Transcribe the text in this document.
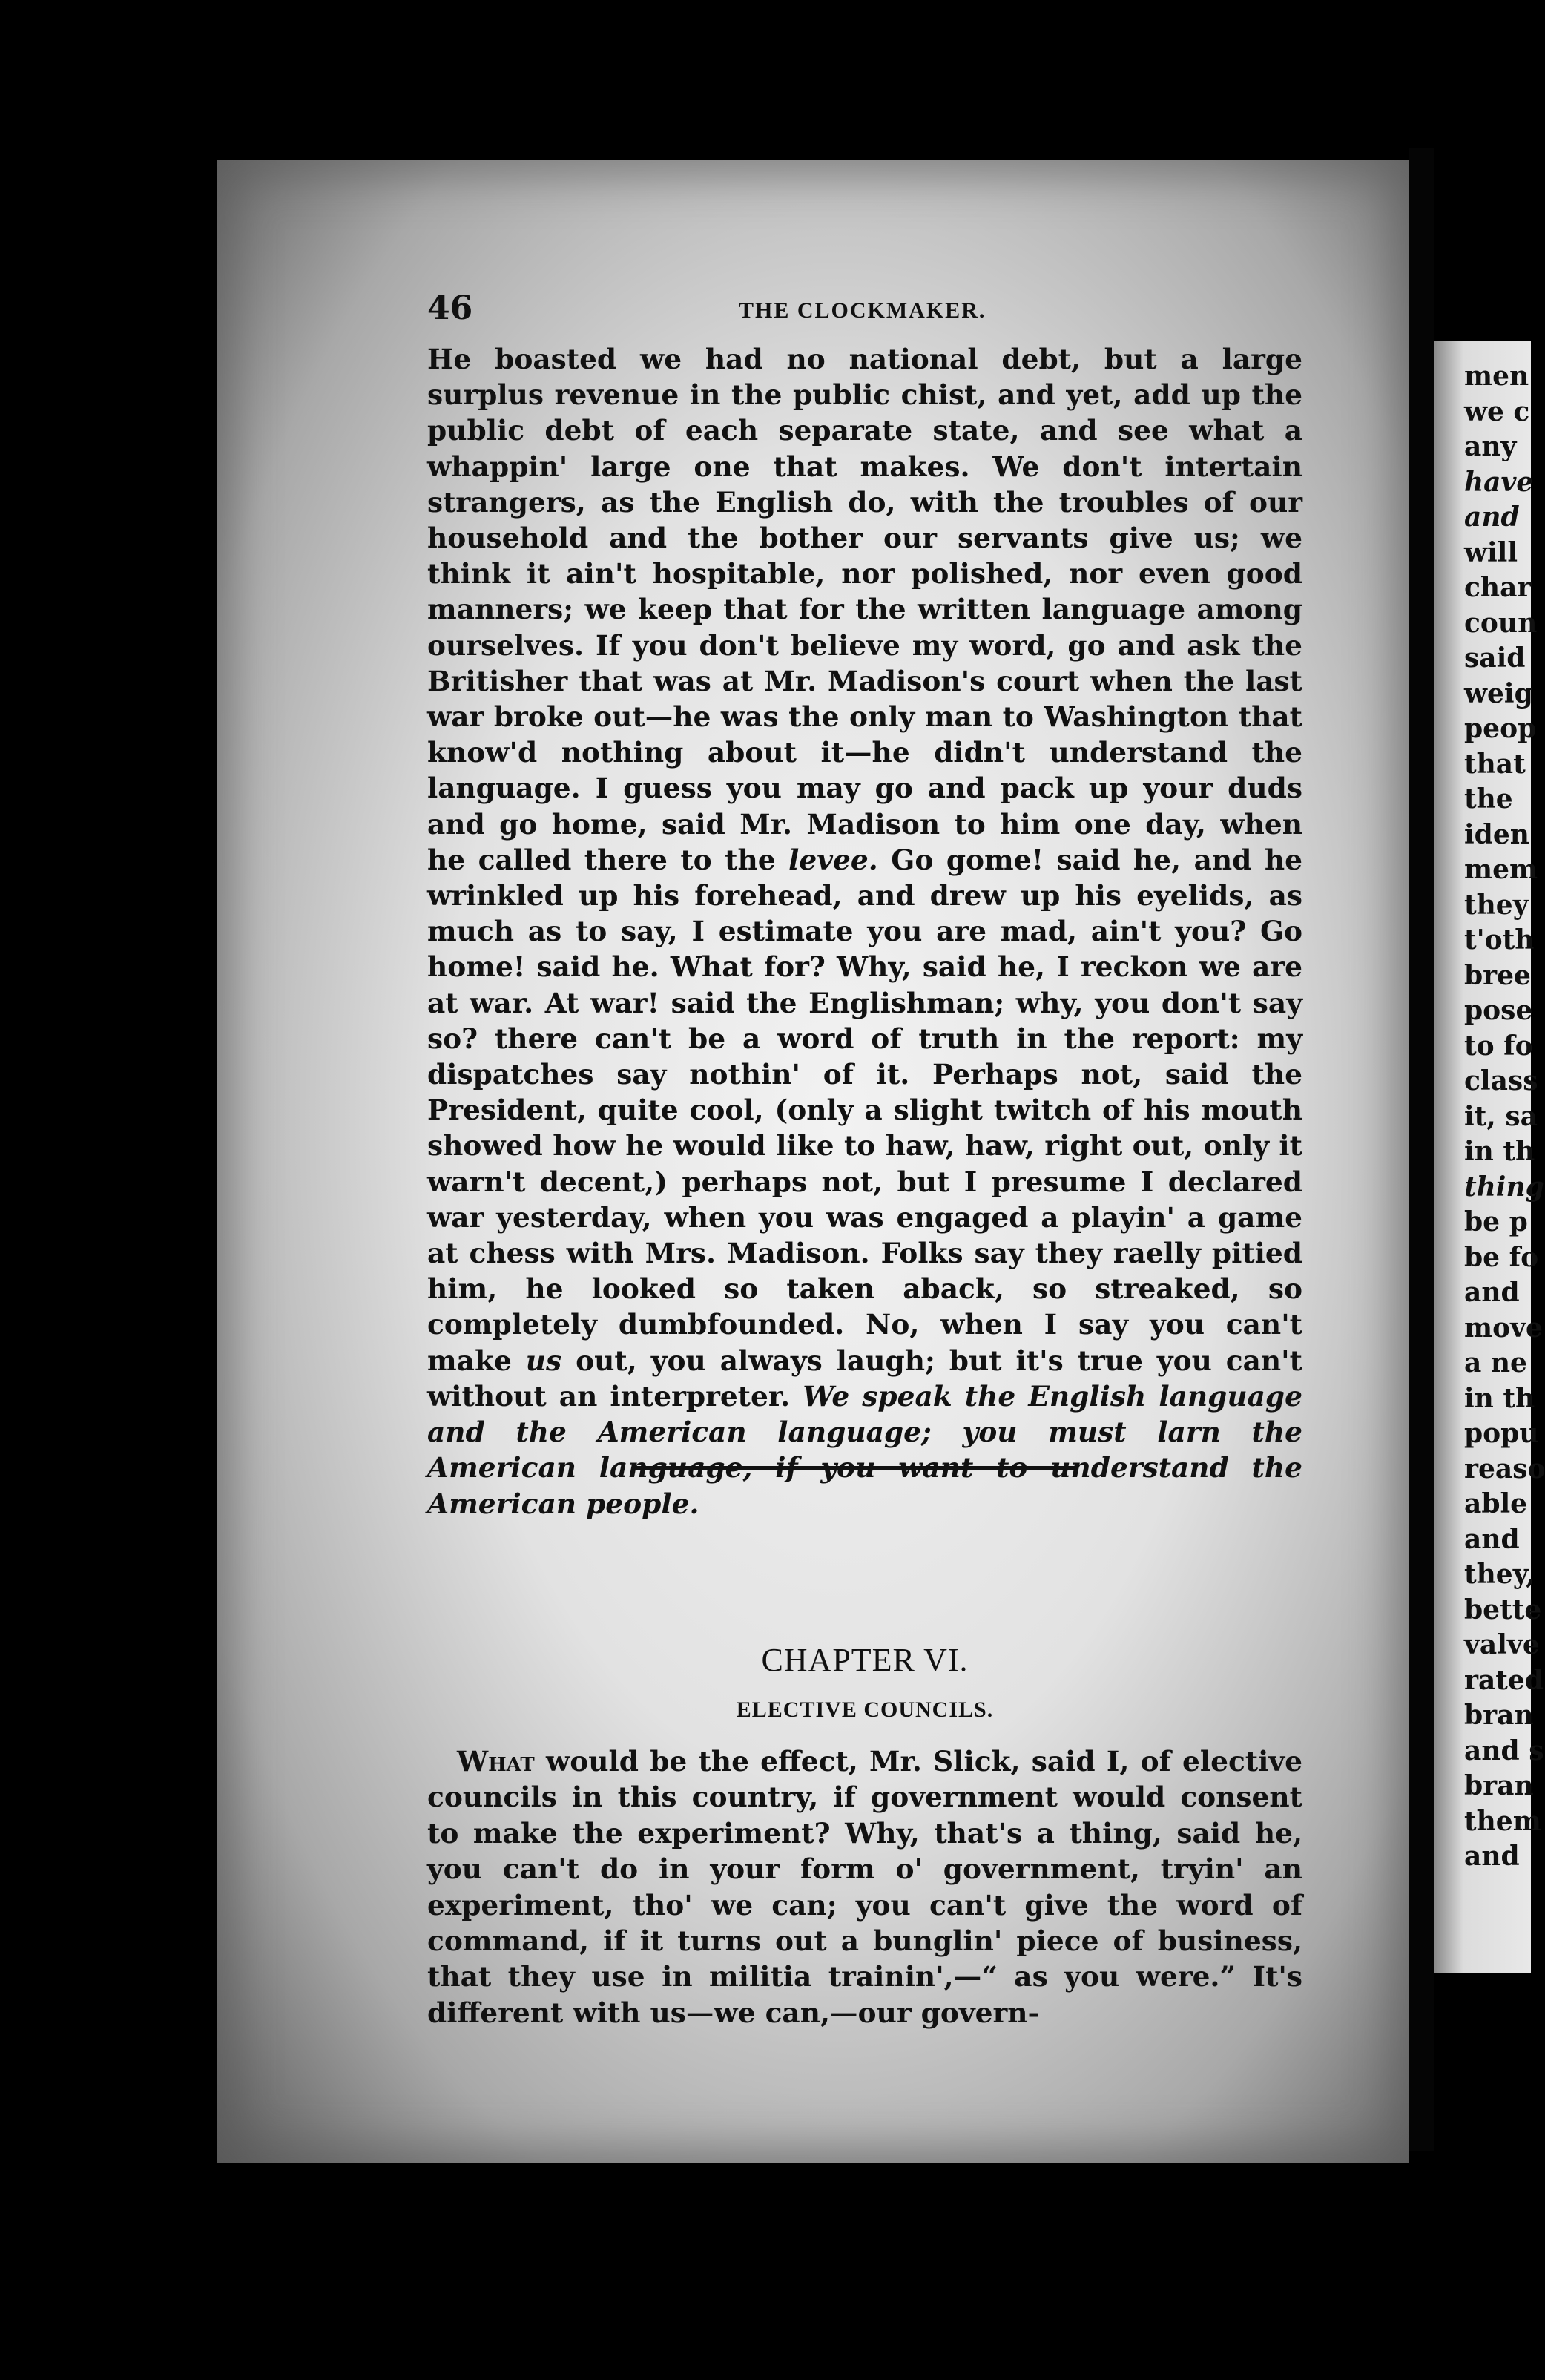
46	THE CLOCKMAKER.
He boasted we had no national debt, but a large surplus revenue in the public chist, and yet, add up the public debt of each separate state, and see what a whappin' large one that makes. We don't intertain strangers, as the English do, with the troubles of our household and the bother our servants give us; we think it ain't hospitable, nor polished, nor even good manners; we keep that for the written language among ourselves. If you don't believe my word, go and ask the Britisher that was at Mr. Madison's court when the last war broke out—he was the only man to Washington that know'd nothing about it—he didn't understand the language. I guess you may go and pack up your duds and go home, said Mr. Madison to him one day, when he called there to the levee. Go gome! said he, and he wrinkled up his forehead, and drew up his eyelids, as much as to say, I estimate you are mad, ain't you? Go home! said he. What for? Why, said he, I reckon we are at war. At war! said the Englishman; why, you don't say so? there can't be a word of truth in the report: my dispatches say nothin' of it. Perhaps not, said the President, quite cool, (only a slight twitch of his mouth showed how he would like to haw, haw, right out, only it warn't decent,) perhaps not, but I presume I declared war yesterday, when you was engaged a playin' a game at chess with Mrs. Madison. Folks say they raelly pitied him, he looked so taken aback, so streaked, so completely dumbfounded. No, when I say you can't make us out, you always laugh; but it's true you can't without an interpreter. We speak the English language and the American language; you must larn the American language, if you want to understand the American people.
CHAPTER VI.
ELECTIVE COUNCILS.
What would be the effect, Mr. Slick, said I, of elective councils in this country, if government would consent to make the experiment? Why, that's a thing, said he, you can't do in your form o' government, tryin' an experiment, tho' we can; you can't give the word of command, if it turns out a bunglin' piece of business, that they use in militia trainin',—“ as you were.” It's different with us—we can,—our govern-
men
we c
any
have
and
will
char
coun
said
weig
peop
that
the
iden
mem
they
t'oth
bree
pose
to fo
class
it, sa
in th
thing
be p
be fo
and
move
a ne
in th
popu
reaso
able
and
they,
bette
valve
rated
bran
and s
bran
them
and
